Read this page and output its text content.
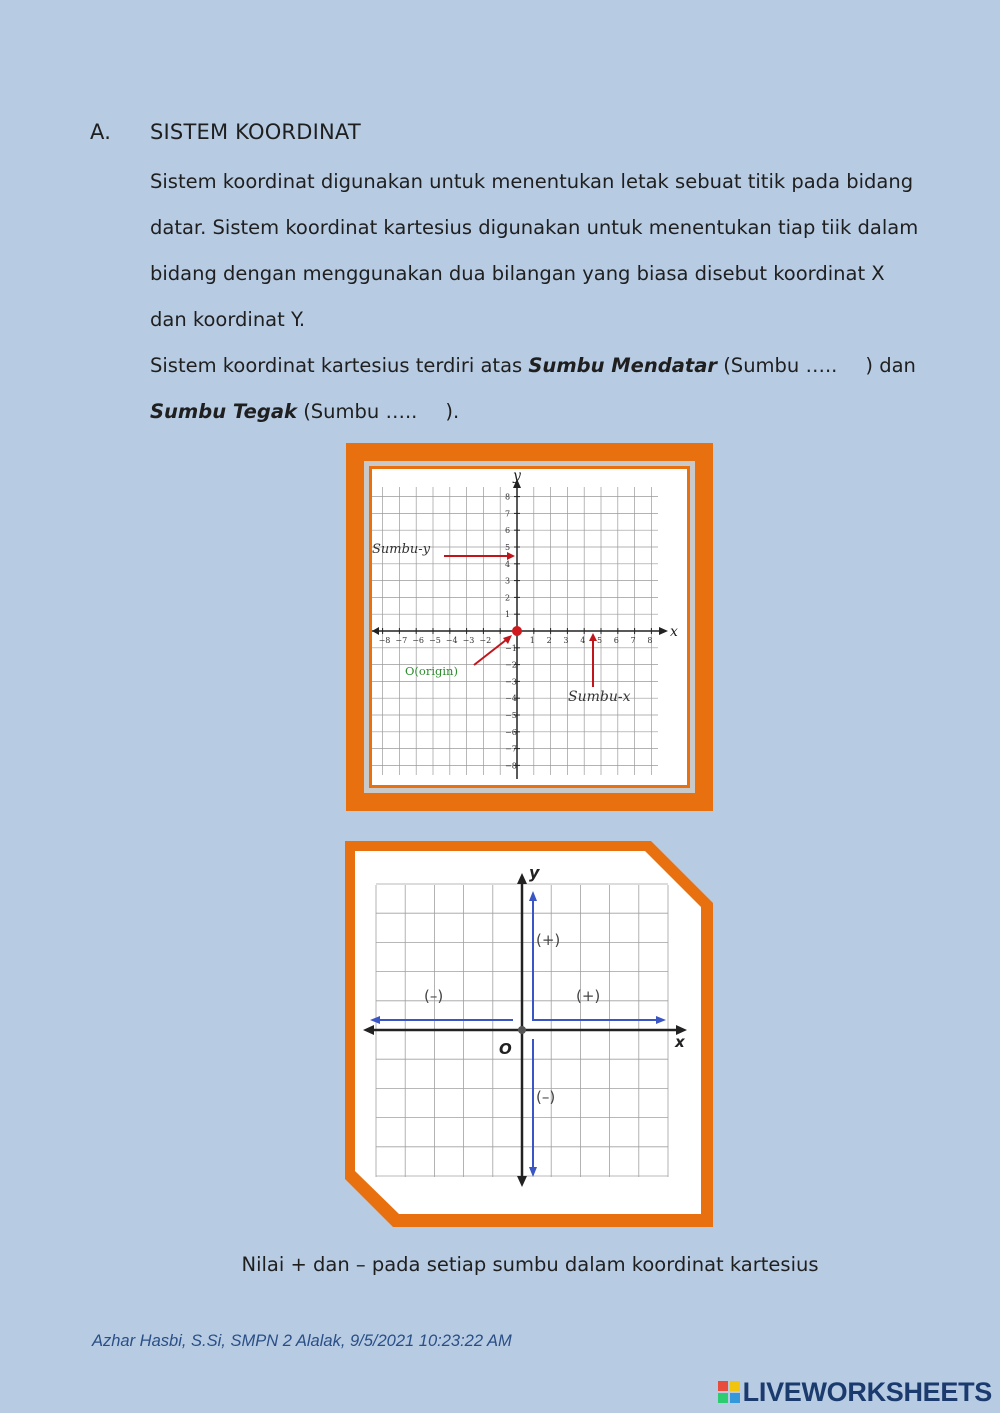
A. SISTEM KOORDINAT
Sistem koordinat digunakan untuk menentukan letak sebuat titik pada bidang datar. Sistem koordinat kartesius digunakan untuk menentukan tiap tiik dalam bidang dengan menggunakan dua bilangan yang biasa disebut koordinat X dan koordinat Y.
Sistem koordinat kartesius terdiri atas Sumbu Mendatar (Sumbu ….. ) dan
Sumbu Tegak (Sumbu ….. ).
−8 −7 −6 −5 −4 −3 −2	1 2 3 4 5 6 7 8
8
7
6
5
4
3
2
1
−1
−2
−3
−4
−5
−6
−7
−8
y
x
Sumbu-y
Sumbu-x
O(origin)
y
x
O
(+)
(+)
(–)
(–)
Nilai + dan – pada setiap sumbu dalam koordinat kartesius
Azhar Hasbi, S.Si, SMPN 2 Alalak, 9/5/2021 10:23:22 AM
LIVEWORKSHEETS
